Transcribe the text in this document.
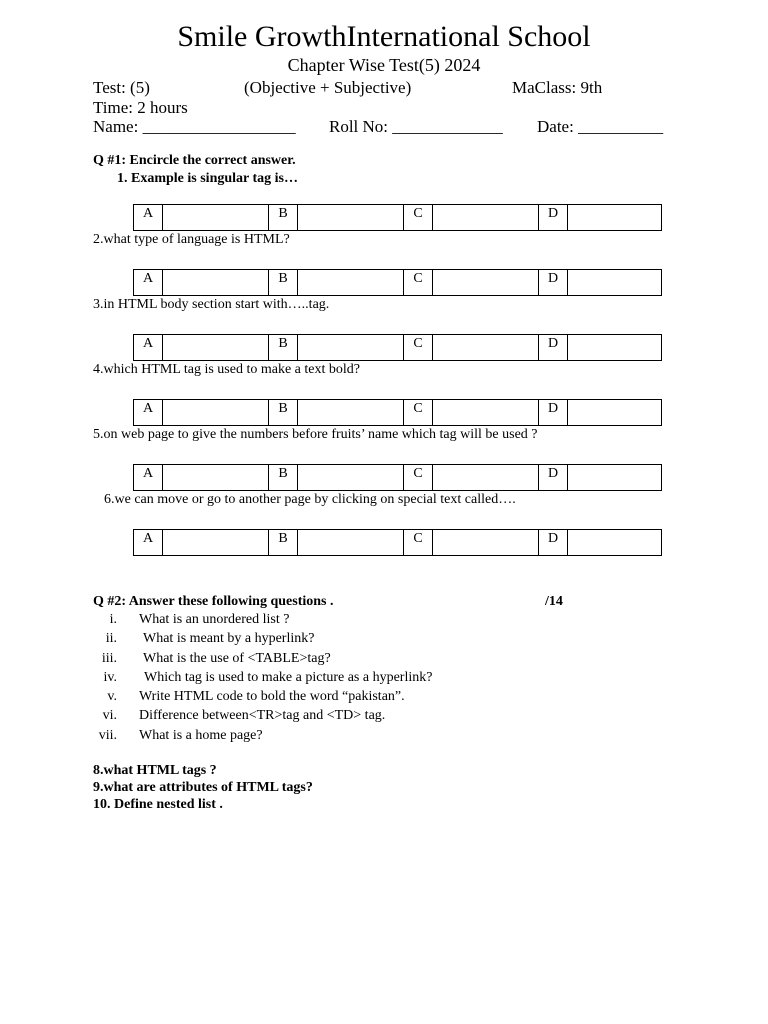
Smile GrowthInternational School
Chapter Wise Test(5) 2024
Test: (5)	(Objective + Subjective)	MaClass: 9th
Time: 2 hours
Name: __________________ Roll No: _____________ Date: __________
Q #1: Encircle the correct answer.
1. Example is singular tag is…
A		B		C		D	
2.what type of language is HTML?
A		B		C		D	
3.in HTML body section start with…..tag.
A		B		C		D	
4.which HTML tag is used to make a text bold?
A		B		C		D	
5.on web page to give the numbers before fruits’ name which tag will be used ?
A		B		C		D	
6.we can move or go to another page by clicking on special text called….
A		B		C		D	
Q #2: Answer these following questions .	/14
i. What is an unordered list ?
ii. What is meant by a hyperlink?
iii. What is the use of <TABLE>tag?
iv. Which tag is used to make a picture as a hyperlink?
v. Write HTML code to bold the word “pakistan”.
vi. Difference between<TR>tag and <TD> tag.
vii. What is a home page?
8.what HTML tags ?
9.what are attributes of HTML tags?
10. Define nested list .
